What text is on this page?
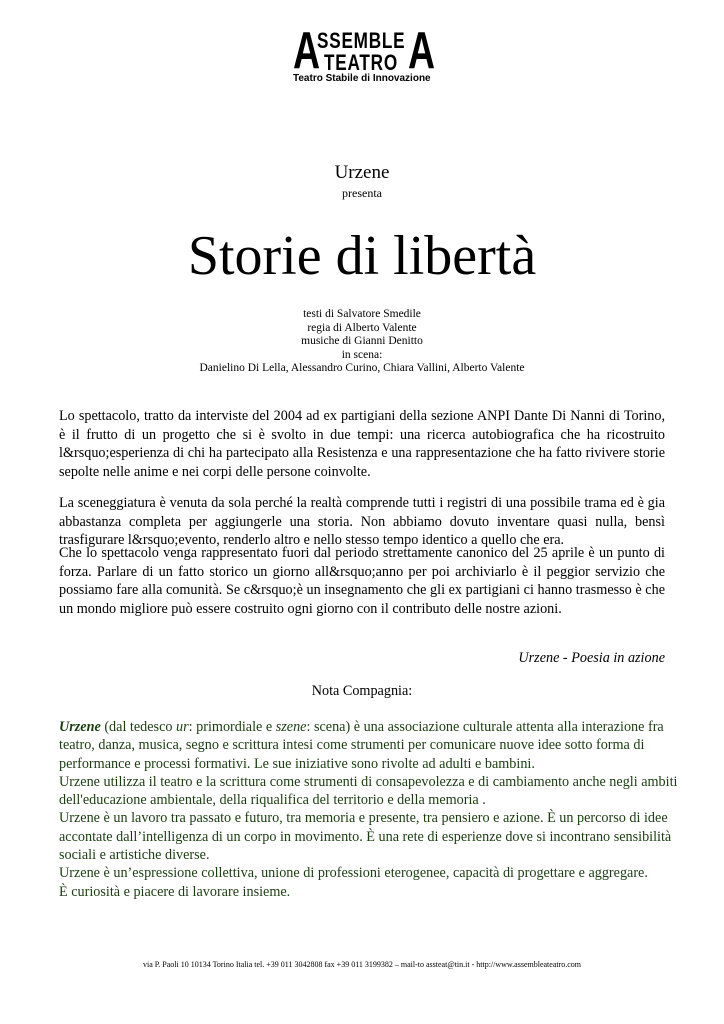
A
SSEMBLE
TEATRO A
Teatro Stabile di Innovazione
Urzene
presenta
Storie di libertà
testi di Salvatore Smedile
regia di Alberto Valente
musiche di Gianni Denitto
in scena:
Danielino Di Lella, Alessandro Curino, Chiara Vallini, Alberto Valente
Lo spettacolo, tratto da interviste del 2004 ad ex partigiani della sezione ANPI Dante Di Nanni di Torino, è il frutto di un progetto che si è svolto in due tempi: una ricerca autobiografica che ha ricostruito l&rsquo;esperienza di chi ha partecipato alla Resistenza e una rappresentazione che ha fatto rivivere storie sepolte nelle anime e nei corpi delle persone coinvolte.
La sceneggiatura è venuta da sola perché la realtà comprende tutti i registri di una possibile trama ed è gia abbastanza completa per aggiungerle una storia. Non abbiamo dovuto inventare quasi nulla, bensì trasfigurare l&rsquo;evento, renderlo altro e nello stesso tempo identico a quello che era.
Che lo spettacolo venga rappresentato fuori dal periodo strettamente canonico del 25 aprile è un punto di forza. Parlare di un fatto storico un giorno all&rsquo;anno per poi archiviarlo è il peggior servizio che possiamo fare alla comunità. Se c&rsquo;è un insegnamento che gli ex partigiani ci hanno trasmesso è che un mondo migliore può essere costruito ogni giorno con il contributo delle nostre azioni.
Urzene - Poesia in azione
Nota Compagnia:

Urzene (dal tedesco ur: primordiale e szene: scena) è una associazione culturale attenta alla interazione fra teatro, danza, musica, segno e scrittura intesi come strumenti per comunicare nuove idee sotto forma di performance e processi formativi. Le sue iniziative sono rivolte ad adulti e bambini.

Urzene utilizza il teatro e la scrittura come strumenti di consapevolezza e di cambiamento anche negli ambiti dell'educazione ambientale, della riqualifica del territorio e della memoria .

Urzene è un lavoro tra passato e futuro, tra memoria e presente, tra pensiero e azione. È un percorso di idee accontate dall’intelligenza di un corpo in movimento. È una rete di esperienze dove si incontrano sensibilità sociali e artistiche diverse.

Urzene è un’espressione collettiva, unione di professioni eterogenee, capacità di progettare e aggregare.

È curiosità e piacere di lavorare insieme.

via P. Paoli 10 10134 Torino Italia tel. +39 011 3042808 fax +39 011 3199382 – mail-to assteat@tin.it - http://www.assembleateatro.com
